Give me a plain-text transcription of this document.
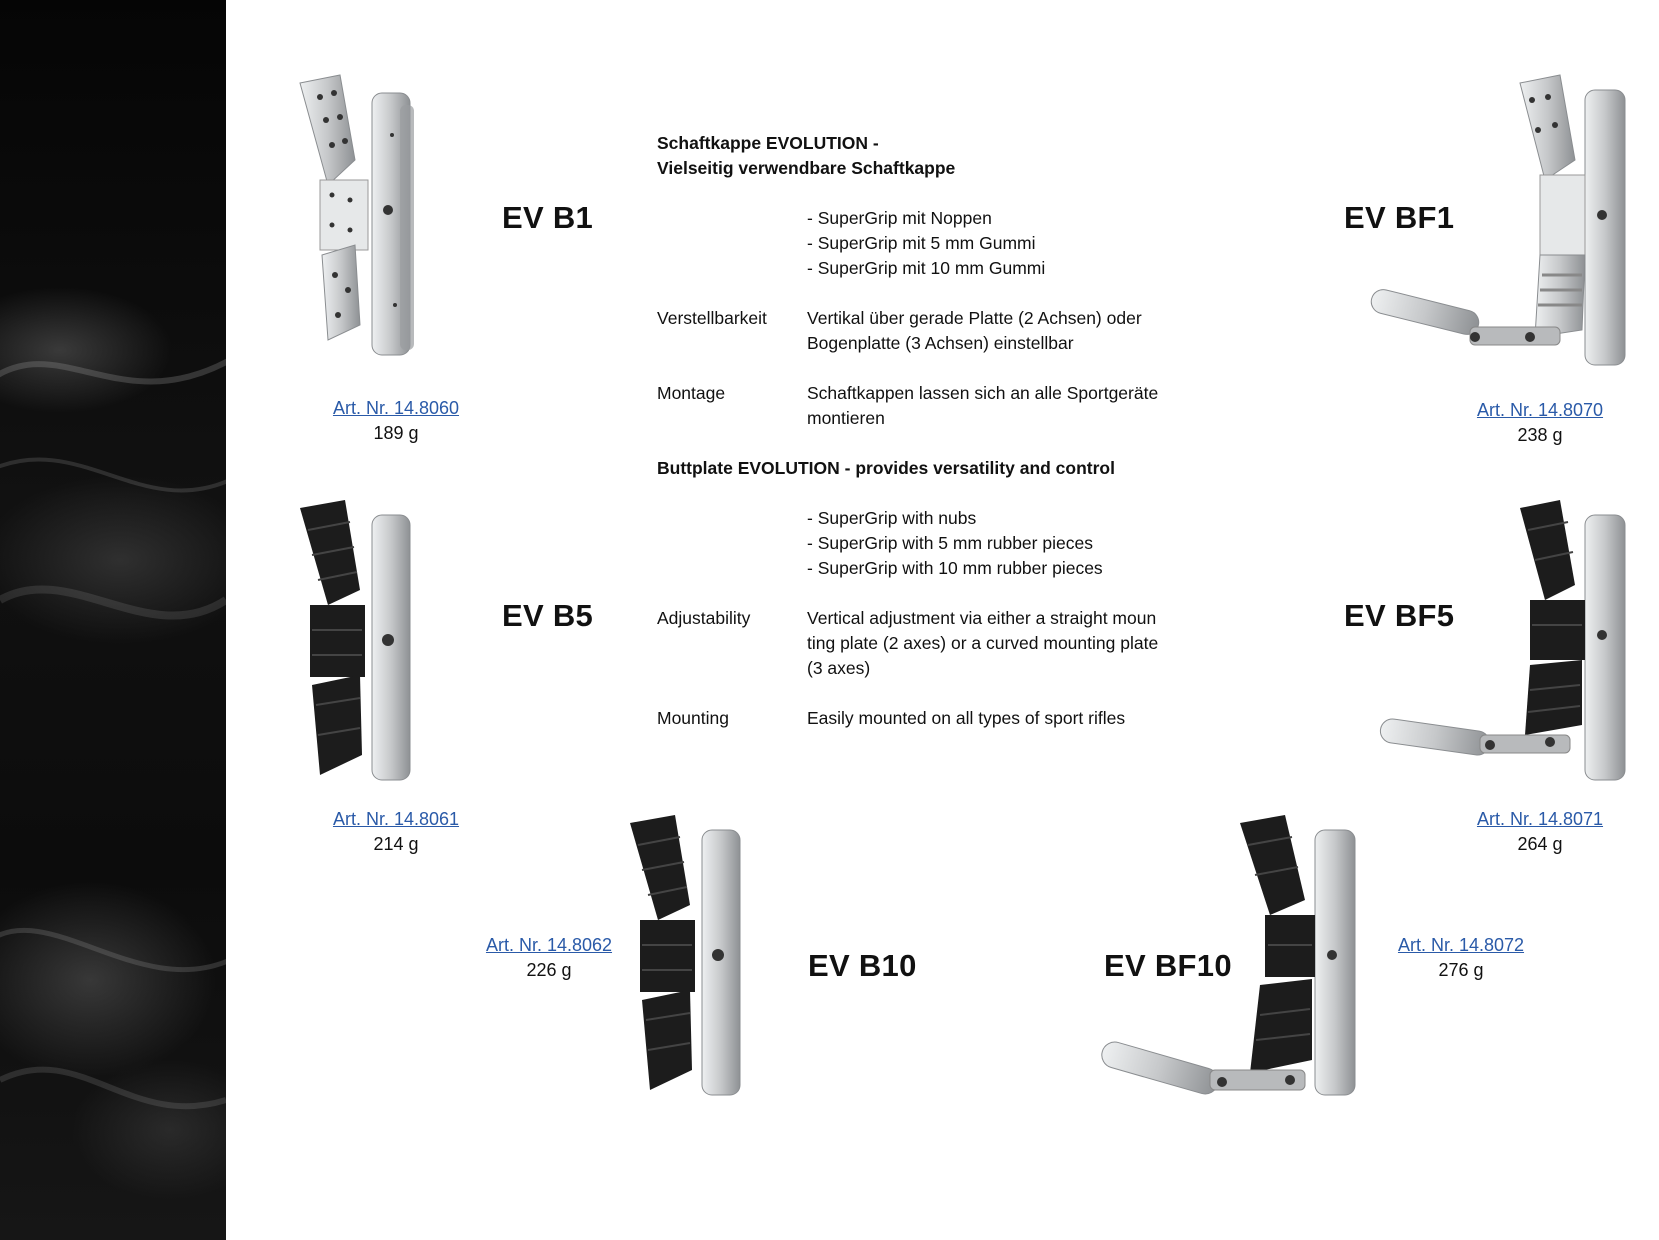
EV B1
EV B5
EV B10
EV BF1
EV BF5
EV BF10
Art. Nr. 14.8060
189 g
Art. Nr. 14.8061
214 g
Art. Nr. 14.8062
226 g
Art. Nr. 14.8070
238 g
Art. Nr. 14.8071
264 g
Art. Nr. 14.8072
276 g
Schaftkappe EVOLUTION -
Vielseitig verwendbare Schaftkappe
- SuperGrip mit Noppen
- SuperGrip mit 5 mm Gummi
- SuperGrip mit 10 mm Gummi
Verstellbarkeit	Vertikal über gerade Platte (2 Achsen) oder
Bogenplatte (3 Achsen) einstellbar
Montage	Schaftkappen lassen sich an alle Sportgeräte
montieren
Buttplate EVOLUTION - provides versatility and control
- SuperGrip with nubs
- SuperGrip with 5 mm rubber pieces
- SuperGrip with 10 mm rubber pieces
Adjustability	Vertical adjustment via either a straight moun
ting plate (2 axes) or a curved mounting plate
(3 axes)
Mounting	Easily mounted on all types of sport rifles
